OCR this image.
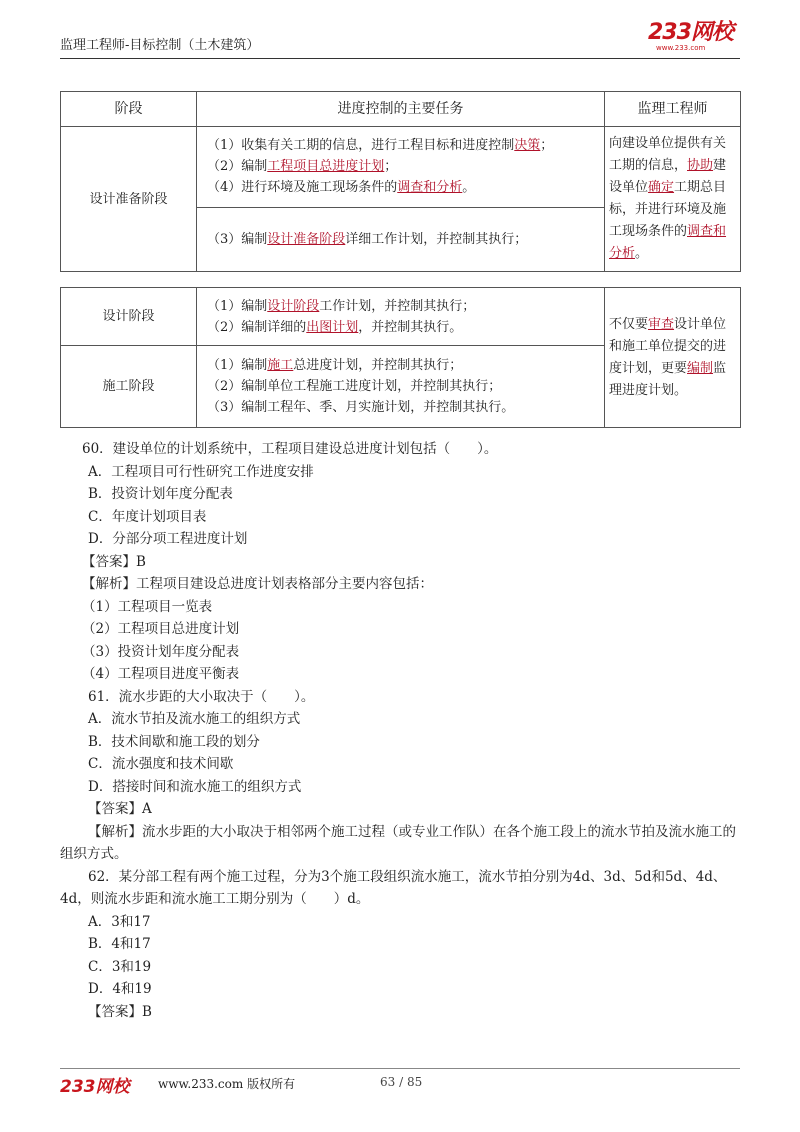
监理工程师-目标控制（土木建筑）
233网校
www.233.com
阶段	进度控制的主要任务	监理工程师
设计准备阶段	（1）收集有关工期的信息，进行工程目标和进度控制决策；
（2）编制工程项目总进度计划；
（4）进行环境及施工现场条件的调查和分析。	向建设单位提供有关工期的信息，协助建设单位确定工期总目标，并进行环境及施工现场条件的调查和分析。

	（3）编制设计准备阶段详细工作计划，并控制其执行；	
设计阶段	（1）编制设计阶段工作计划，并控制其执行；
（2）编制详细的出图计划，并控制其执行。	不仅要审查设计单位和施工单位提交的进度计划，更要编制监理进度计划。
施工阶段	（1）编制施工总进度计划，并控制其执行；
（2）编制单位工程施工进度计划，并控制其执行；
（3）编制工程年、季、月实施计划，并控制其执行。	

60．建设单位的计划系统中，工程项目建设总进度计划包括（　　）。

A．工程项目可行性研究工作进度安排

B．投资计划年度分配表

C．年度计划项目表

D．分部分项工程进度计划

【答案】B

【解析】工程项目建设总进度计划表格部分主要内容包括：

（1）工程项目一览表

（2）工程项目总进度计划

（3）投资计划年度分配表

（4）工程项目进度平衡表

61．流水步距的大小取决于（　　）。

A．流水节拍及流水施工的组织方式

B．技术间歇和施工段的划分

C．流水强度和技术间歇

D．搭接时间和流水施工的组织方式

【答案】A

【解析】流水步距的大小取决于相邻两个施工过程（或专业工作队）在各个施工段上的流水节拍及流水施工的组织方式。

62．某分部工程有两个施工过程，分为3个施工段组织流水施工，流水节拍分别为4d、3d、5d和5d、4d、4d，则流水步距和流水施工工期分别为（　　）d。

A．3和17

B．4和17

C．3和19

D．4和19

【答案】B

233网校 www.233.com 版权所有	63 / 85
